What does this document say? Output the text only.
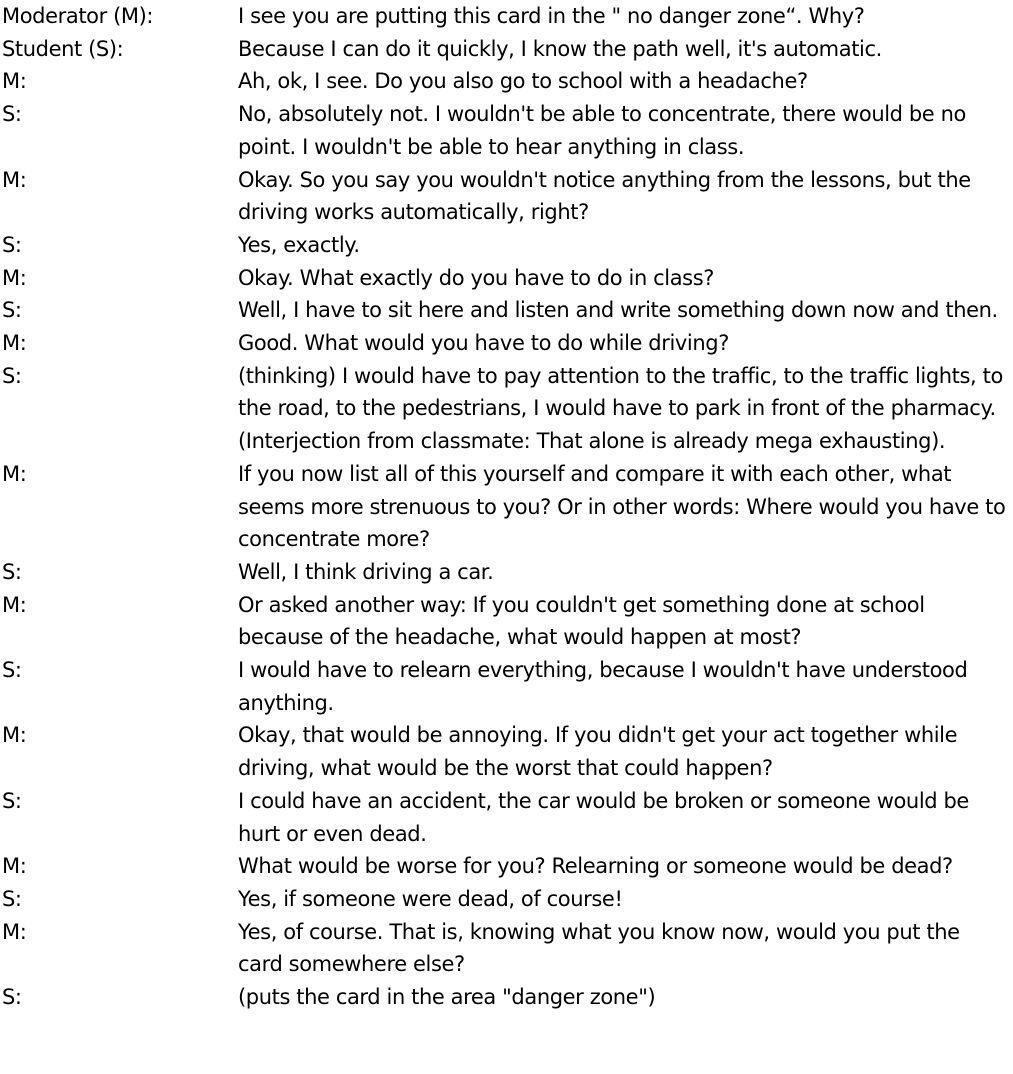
Moderator (M):	I see you are putting this card in the " no danger zone“. Why?
Student (S):	Because I can do it quickly, I know the path well, it's automatic.
M:	Ah, ok, I see. Do you also go to school with a headache?
S:	No, absolutely not. I wouldn't be able to concentrate, there would be no point. I wouldn't be able to hear anything in class.
M:	Okay. So you say you wouldn't notice anything from the lessons, but the driving works automatically, right?
S:	Yes, exactly.
M:	Okay. What exactly do you have to do in class?
S:	Well, I have to sit here and listen and write something down now and then.
M:	Good. What would you have to do while driving?
S:	(thinking) I would have to pay attention to the traffic, to the traffic lights, to the road, to the pedestrians, I would have to park in front of the pharmacy. (Interjection from classmate: That alone is already mega exhausting).
M:	If you now list all of this yourself and compare it with each other, what seems more strenuous to you? Or in other words: Where would you have to concentrate more?
S:	Well, I think driving a car.
M:	Or asked another way: If you couldn't get something done at school because of the headache, what would happen at most?
S:	I would have to relearn everything, because I wouldn't have understood anything.
M:	Okay, that would be annoying. If you didn't get your act together while driving, what would be the worst that could happen?
S:	I could have an accident, the car would be broken or someone would be hurt or even dead.
M:	What would be worse for you? Relearning or someone would be dead?
S:	Yes, if someone were dead, of course!
M:	Yes, of course. That is, knowing what you know now, would you put the card somewhere else?
S:	(puts the card in the area "danger zone")
